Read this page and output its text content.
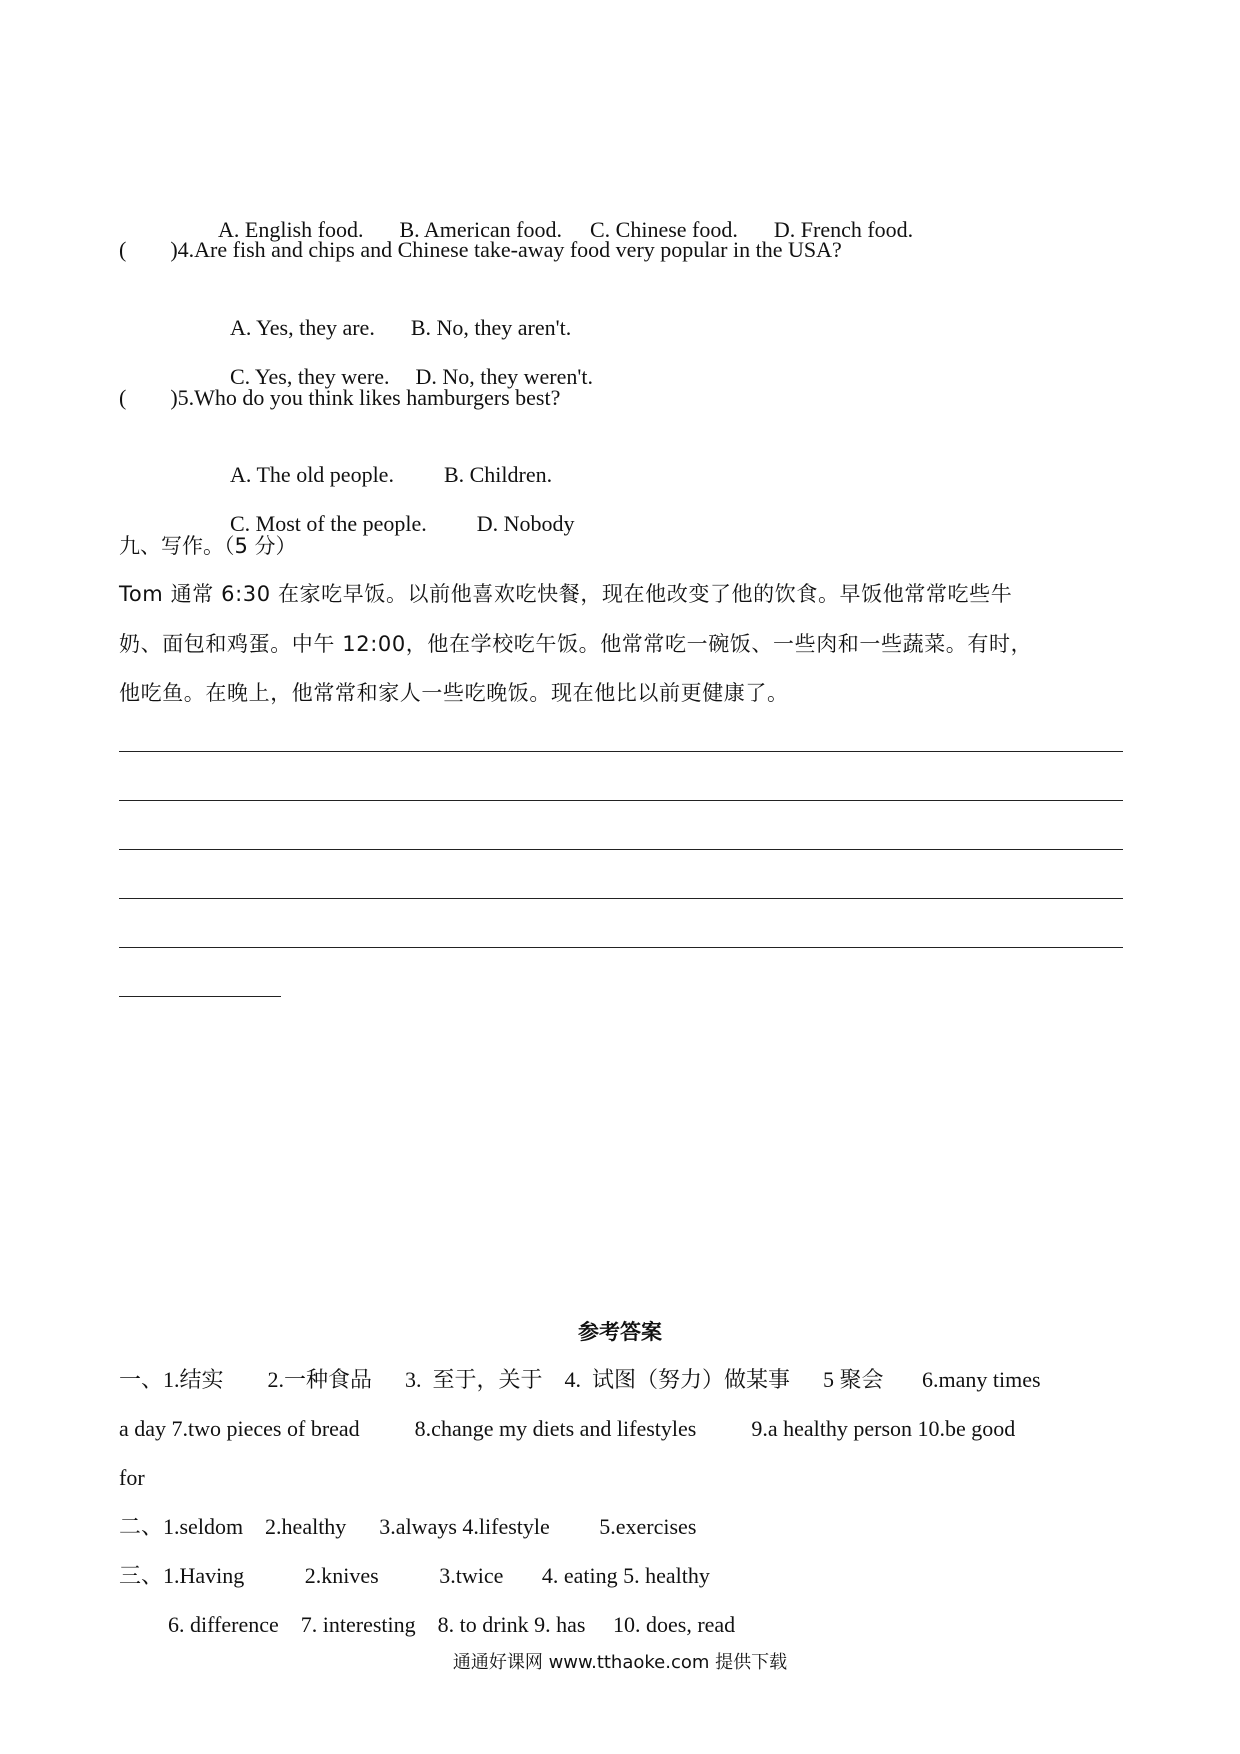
A. English food. B. American food. C. Chinese food. D. French food.

(        )4.Are fish and chips and Chinese take-away food very popular in the USA?

A. Yes, they are. B. No, they aren't.

C. Yes, they were. D. No, they weren't.

(        )5.Who do you think likes hamburgers best?

A. The old people. B. Children.

C. Most of the people. D. Nobody

九、写作。（5 分）
Tom 通常 6:30 在家吃早饭。以前他喜欢吃快餐，现在他改变了他的饮食。早饭他常常吃些牛
奶、面包和鸡蛋。中午 12:00，他在学校吃午饭。他常常吃一碗饭、一些肉和一些蔬菜。有时，
他吃鱼。在晚上，他常常和家人一些吃晚饭。现在他比以前更健康了。
参考答案
一、1.结实        2.一种食品      3.  至于，关于    4.  试图（努力）做某事      5 聚会       6.many times
a day 7.two pieces of bread          8.change my diets and lifestyles          9.a healthy person 10.be good
for
二、1.seldom    2.healthy      3.always 4.lifestyle         5.exercises
三、1.Having           2.knives           3.twice       4. eating 5. healthy
6. difference    7. interesting    8. to drink 9. has     10. does, read
通通好课网 www.tthaoke.com 提供下载
